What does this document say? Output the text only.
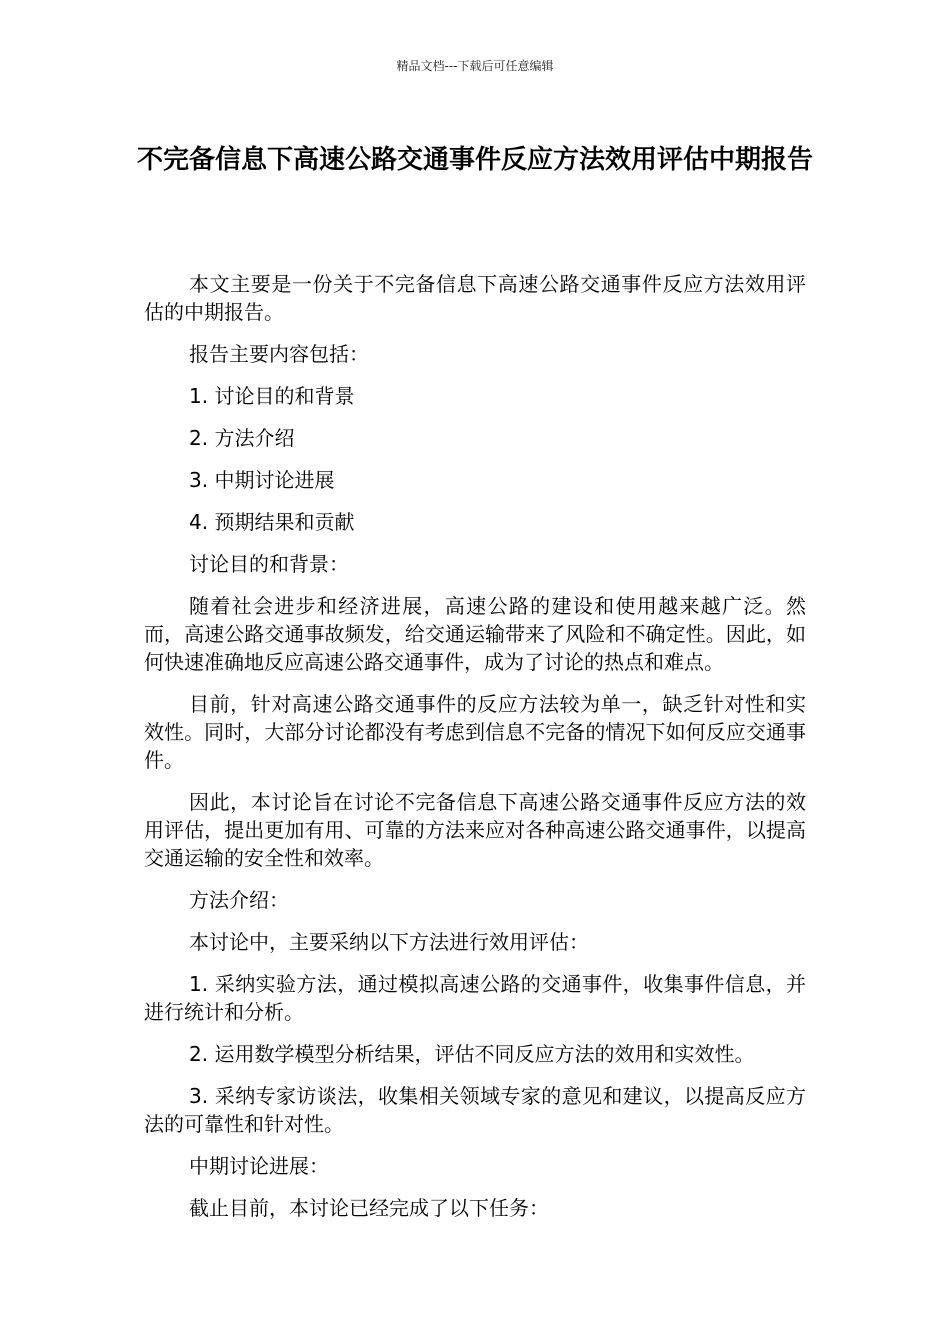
精品文档---下载后可任意编辑
不完备信息下高速公路交通事件反应方法效用评估中期报告

本文主要是一份关于不完备信息下高速公路交通事件反应方法效用评估的中期报告。

报告主要内容包括：

1. 讨论目的和背景

2. 方法介绍

3. 中期讨论进展

4. 预期结果和贡献

讨论目的和背景：

随着社会进步和经济进展，高速公路的建设和使用越来越广泛。然而，高速公路交通事故频发，给交通运输带来了风险和不确定性。因此，如何快速准确地反应高速公路交通事件，成为了讨论的热点和难点。

目前，针对高速公路交通事件的反应方法较为单一，缺乏针对性和实效性。同时，大部分讨论都没有考虑到信息不完备的情况下如何反应交通事件。

因此，本讨论旨在讨论不完备信息下高速公路交通事件反应方法的效用评估，提出更加有用、可靠的方法来应对各种高速公路交通事件，以提高交通运输的安全性和效率。

方法介绍：

本讨论中，主要采纳以下方法进行效用评估：

1. 采纳实验方法，通过模拟高速公路的交通事件，收集事件信息，并进行统计和分析。

2. 运用数学模型分析结果，评估不同反应方法的效用和实效性。

3. 采纳专家访谈法，收集相关领域专家的意见和建议，以提高反应方法的可靠性和针对性。

中期讨论进展：

截止目前，本讨论已经完成了以下任务：
